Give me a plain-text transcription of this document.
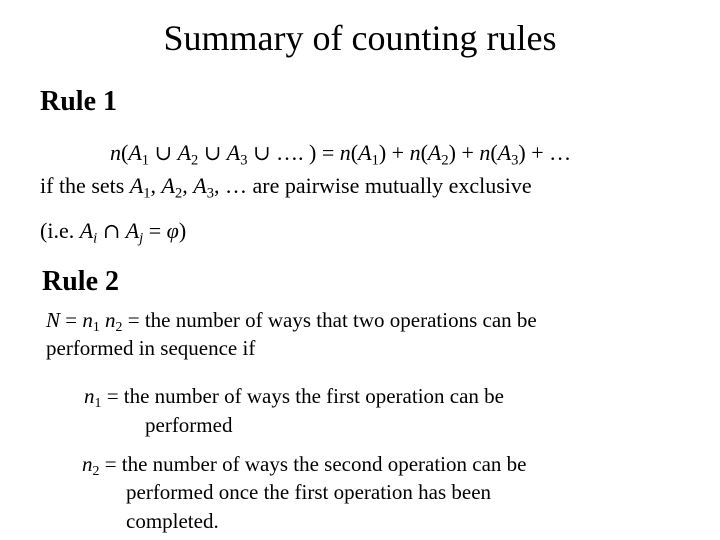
Summary of counting rules
Rule 1
$n(A_1$ ∪ $A_2$ ∪ $A_3$ ∪ …. ) = $n(A_1) + n(A_2) + n(A_3)$ + …
if the sets $A_1$, $A_2$, $A_3$, … are pairwise mutually exclusive
(i.e. $A_i$ ∩ $A_j = \varphi$)
Rule 2
$N = n_1$ $n_2$ = the number of ways that two operations can be
performed in sequence if
$n_1$ = the number of ways the first operation can be
performed
$n_2$ = the number of ways the second operation can be
performed once the first operation has been
completed.
